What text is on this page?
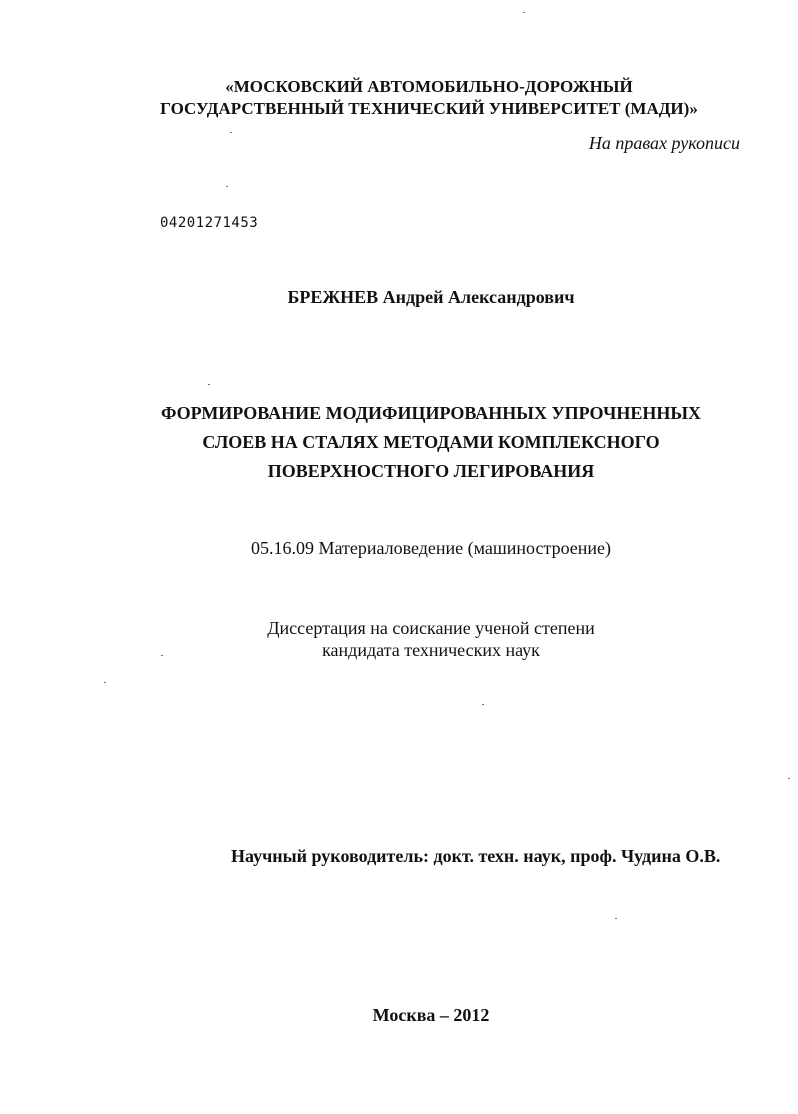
«МОСКОВСКИЙ АВТОМОБИЛЬНО-ДОРОЖНЫЙ
ГОСУДАРСТВЕННЫЙ ТЕХНИЧЕСКИЙ УНИВЕРСИТЕТ (МАДИ)»
На правах рукописи
04201271453
БРЕЖНЕВ Андрей Александрович
ФОРМИРОВАНИЕ МОДИФИЦИРОВАННЫХ УПРОЧНЕННЫХ
СЛОЕВ НА СТАЛЯХ МЕТОДАМИ КОМПЛЕКСНОГО
ПОВЕРХНОСТНОГО ЛЕГИРОВАНИЯ
05.16.09 Материаловедение (машиностроение)
Диссертация на соискание ученой степени
кандидата технических наук
Научный руководитель: докт. техн. наук, проф. Чудина О.В.
Москва – 2012
